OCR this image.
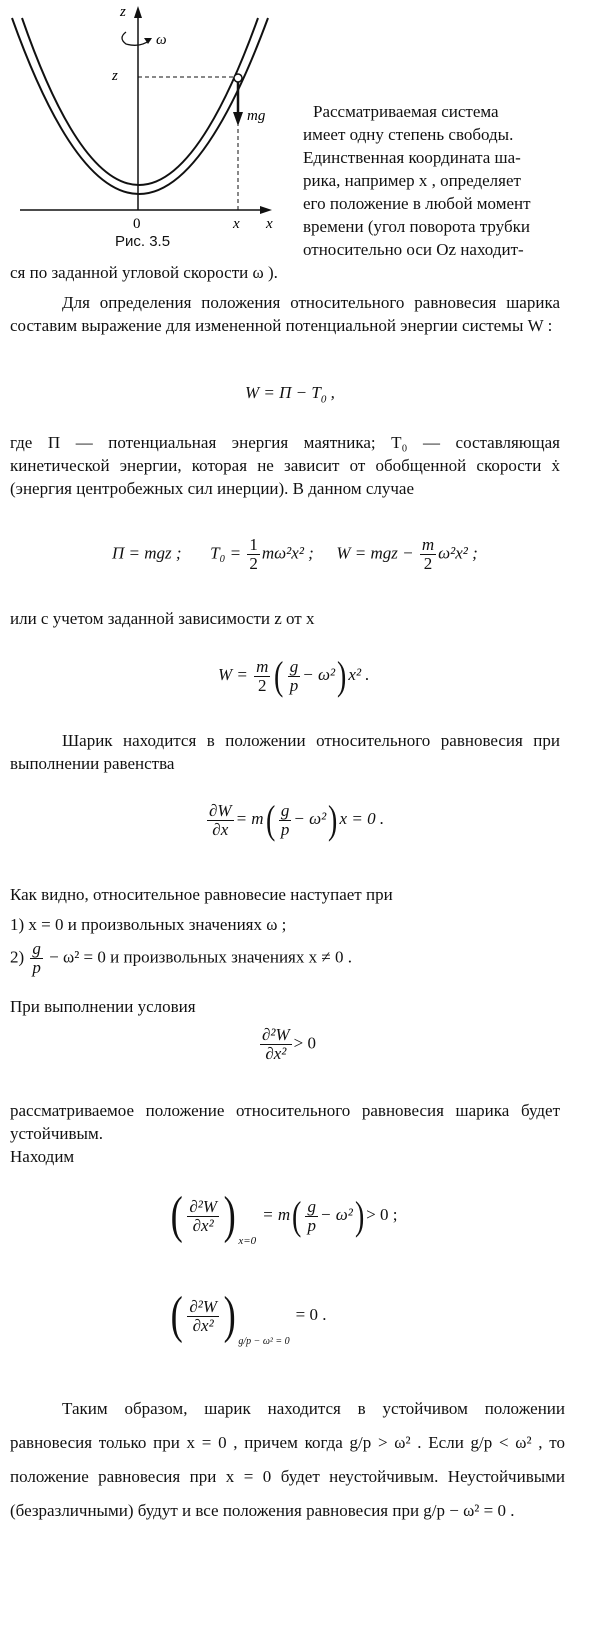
z
ω
z
mg
0	x x
Рис. 3.5
Рассматриваемая система
имеет одну степень свободы.
Единственная координата ша-
рика, например x , определяет
его положение в любой момент
времени (угол поворота трубки
относительно оси Oz находит-
ся по заданной угловой скорости ω ).
Для определения положения относительного равновесия шарика составим выражение для измененной потенциальной энергии системы W :
$W = П - T_0$ ,
где П — потенциальная энергия маятника; T₀ — составляющая кинетической энергии, которая не зависит от обобщенной скорости ẋ (энергия центробежных сил инерции). В данном случае
П = mgz ; $T_0 = \frac{1}{2} m\omega^2x^2$ ; W = mgz − $\frac{m}{2} \omega^2x^2$ ;
или с учетом заданной зависимости z от x
$W = \frac{m}{2}$ ( $\frac{g}{p} - \omega^2$) x² .
Шарик находится в положении относительного равновесия при выполнении равенства
$\frac{\partial W}{\partial x} = m( \frac{g}{p} - \omega^2) x = 0$ .
Как видно, относительное равновесие наступает при
1) x = 0 и произвольных значениях ω ;
$2) \frac{g}{p} - \omega^2 = 0$ и произвольных значениях x ≠ 0 .
При выполнении условия
$\frac{\text{∂²W}}{\text{∂x²}} > 0$
рассматриваемое положение относительного равновесия шарика будет устойчивым.
Находим
( $\frac{\text{∂²W}}{\text{∂x²}}$ ) $_{x=0}= m( \frac{g}{p} - \omega^2) > 0$ ;
( $\frac{\text{∂²W}}{\text{∂x²}}$ ) $_{g/p - \omega^2 = 0}$= 0 .
Таким образом, шарик находится в устойчивом положении равновесия только при x = 0 , причем когда g/p > ω² . Если g/p < ω² , то положение равновесия при x = 0 будет неустойчивым. Неустойчивыми (безразличными) будут и все положения равновесия при g/p − ω² = 0 .
